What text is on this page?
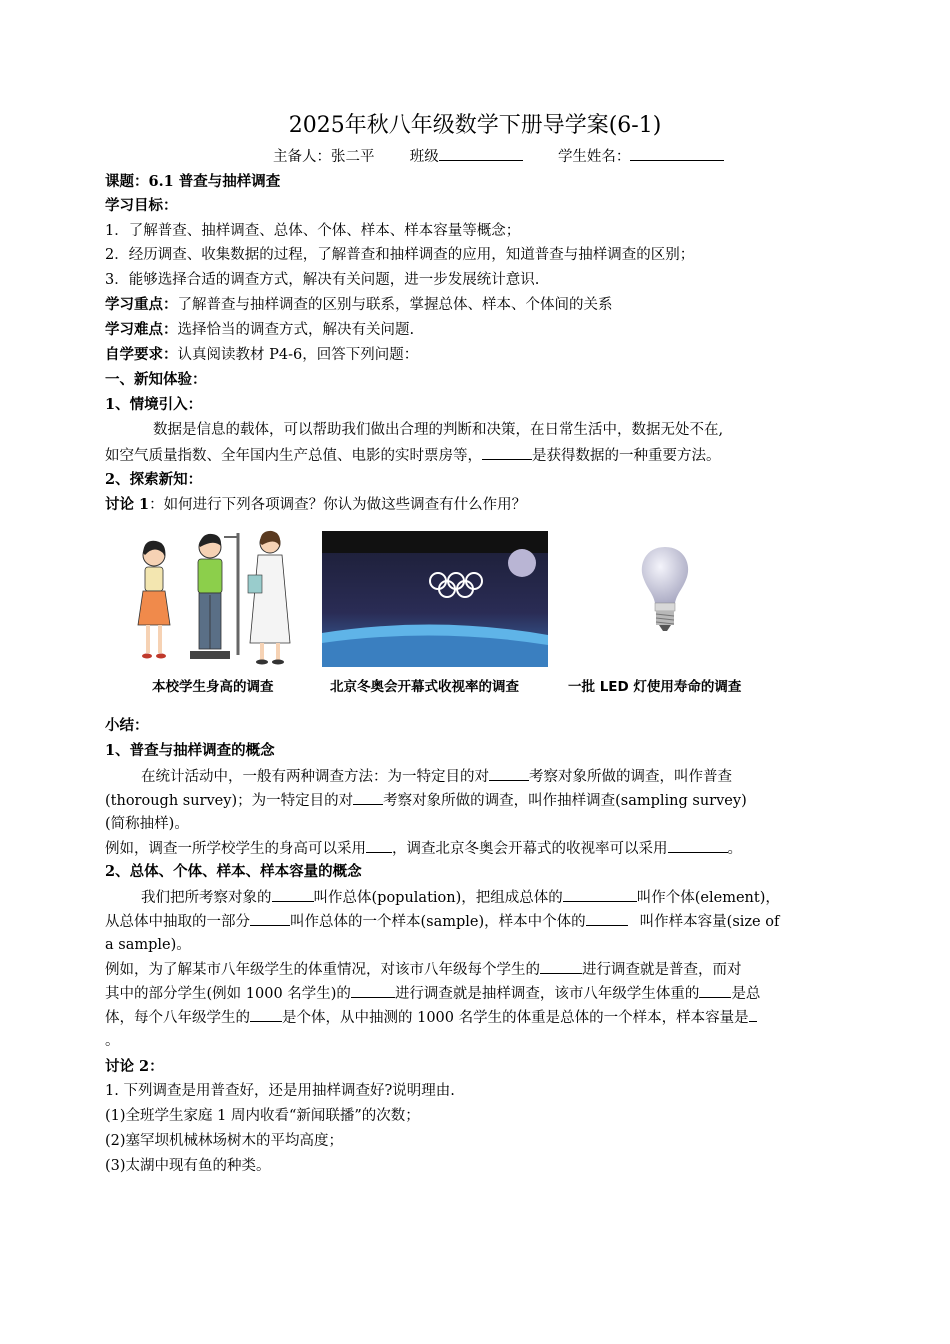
2025年秋八年级数学下册导学案(6-1)
主备人：张二平 班级	学生姓名：
课题：6.1 普查与抽样调查
学习目标：
1．了解普查、抽样调查、总体、个体、样本、样本容量等概念；
2．经历调查、收集数据的过程，了解普查和抽样调查的应用，知道普查与抽样调查的区别；
3．能够选择合适的调查方式，解决有关问题，进一步发展统计意识.
学习重点：了解普查与抽样调查的区别与联系，掌握总体、样本、个体间的关系
学习难点：选择恰当的调查方式，解决有关问题.
自学要求：认真阅读教材 P4-6，回答下列问题：
一、新知体验：
1、情境引入：
数据是信息的载体，可以帮助我们做出合理的判断和决策，在日常生活中，数据无处不在,
如空气质量指数、全年国内生产总值、电影的实时票房等，	是获得数据的一种重要方法。
2、探索新知：
讨论 1：如何进行下列各项调查？你认为做这些调查有什么作用？
本校学生身高的调查	北京冬奥会开幕式收视率的调查	一批 LED 灯使用寿命的调查
小结：
1、普查与抽样调查的概念
在统计活动中，一般有两种调查方法：为一特定目的对	考察对象所做的调查，叫作普查
(thorough survey)；为一特定目的对 考察对象所做的调查，叫作抽样调查(sampling survey)
(简称抽样)。
例如，调查一所学校学生的身高可以采用 ，调查北京冬奥会开幕式的收视率可以采用	。
2、总体、个体、样本、样本容量的概念
我们把所考察对象的	叫作总体(population)，把组成总体的	叫作个体(element)，
从总体中抽取的一部分	叫作总体的一个样本(sample)，样本中个体的	叫作样本容量(size of
a sample)。
例如，为了解某市八年级学生的体重情况，对该市八年级每个学生的	进行调查就是普查，而对
其中的部分学生(例如 1000 名学生)的	进行调查就是抽样调查，该市八年级学生体重的 是总
体，每个八年级学生的 是个体，从中抽测的 1000 名学生的体重是总体的一个样本，样本容量是
。
讨论 2：
1. 下列调查是用普查好，还是用抽样调查好?说明理由.
(1)全班学生家庭 1 周内收看“新闻联播”的次数；
(2)塞罕坝机械林场树木的平均高度；
(3)太湖中现有鱼的种类。
